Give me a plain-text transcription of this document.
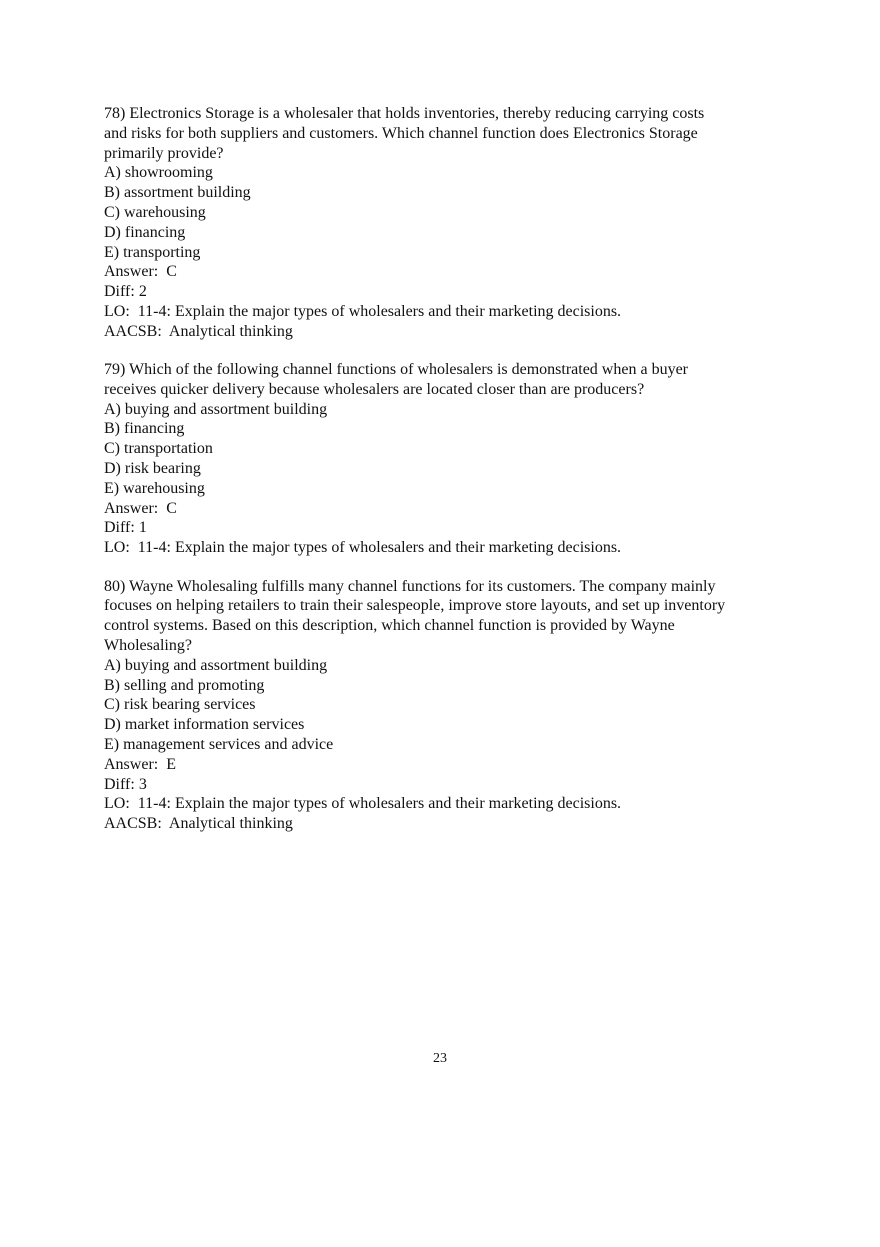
78) Electronics Storage is a wholesaler that holds inventories, thereby reducing carrying costs

and risks for both suppliers and customers. Which channel function does Electronics Storage

primarily provide?

A) showrooming

B) assortment building

C) warehousing

D) financing

E) transporting

Answer:  C

Diff: 2

LO:  11-4: Explain the major types of wholesalers and their marketing decisions.

AACSB:  Analytical thinking

79) Which of the following channel functions of wholesalers is demonstrated when a buyer

receives quicker delivery because wholesalers are located closer than are producers?

A) buying and assortment building

B) financing

C) transportation

D) risk bearing

E) warehousing

Answer:  C

Diff: 1

LO:  11-4: Explain the major types of wholesalers and their marketing decisions.

80) Wayne Wholesaling fulfills many channel functions for its customers. The company mainly

focuses on helping retailers to train their salespeople, improve store layouts, and set up inventory

control systems. Based on this description, which channel function is provided by Wayne

Wholesaling?

A) buying and assortment building

B) selling and promoting

C) risk bearing services

D) market information services

E) management services and advice

Answer:  E

Diff: 3

LO:  11-4: Explain the major types of wholesalers and their marketing decisions.

AACSB:  Analytical thinking

23
